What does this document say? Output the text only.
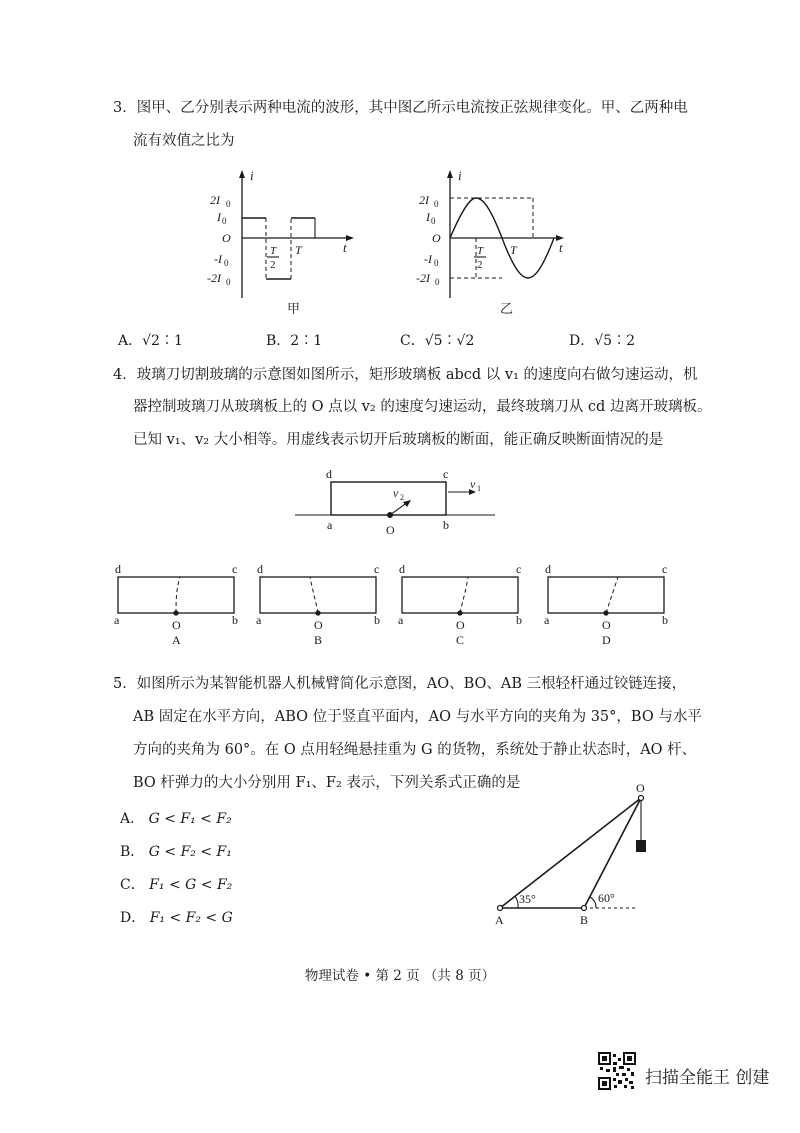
3．图甲、乙分别表示两种电流的波形，其中图乙所示电流按正弦规律变化。甲、乙两种电
流有效值之比为
i
t
2I 0
I 0
O
-I 0
-2I 0
T
2
T
甲
i
t
2I 0
I 0
O
-I 0
-2I 0
T
2
T
乙
A．√2∶1	B．2∶1	C．√5∶√2	D．√5∶2
4．玻璃刀切割玻璃的示意图如图所示，矩形玻璃板 abcd 以 v₁ 的速度向右做匀速运动，机
器控制玻璃刀从玻璃板上的 O 点以 v₂ 的速度匀速运动，最终玻璃刀从 cd 边离开玻璃板。
已知 v₁、v₂ 大小相等。用虚线表示切开后玻璃板的断面，能正确反映断面情况的是
d	c
a	b
v 1
v 2
O
d	c
a	b
O
A
d	c
a	b
O
B
d	c
a	b
O
C
d	c
a	b
O
D
5．如图所示为某智能机器人机械臂简化示意图，AO、BO、AB 三根轻杆通过铰链连接，
AB 固定在水平方向，ABO 位于竖直平面内，AO 与水平方向的夹角为 35°，BO 与水平
方向的夹角为 60°。在 O 点用轻绳悬挂重为 G 的货物，系统处于静止状态时，AO 杆、
BO 杆弹力的大小分别用 F₁、F₂ 表示，下列关系式正确的是
A． G < F₁ < F₂
B． G < F₂ < F₁
C． F₁ < G < F₂
D． F₁ < F₂ < G
35°	60°
O
A	B
物理试卷 • 第 2 页 （共 8 页）
扫描全能王 创建
